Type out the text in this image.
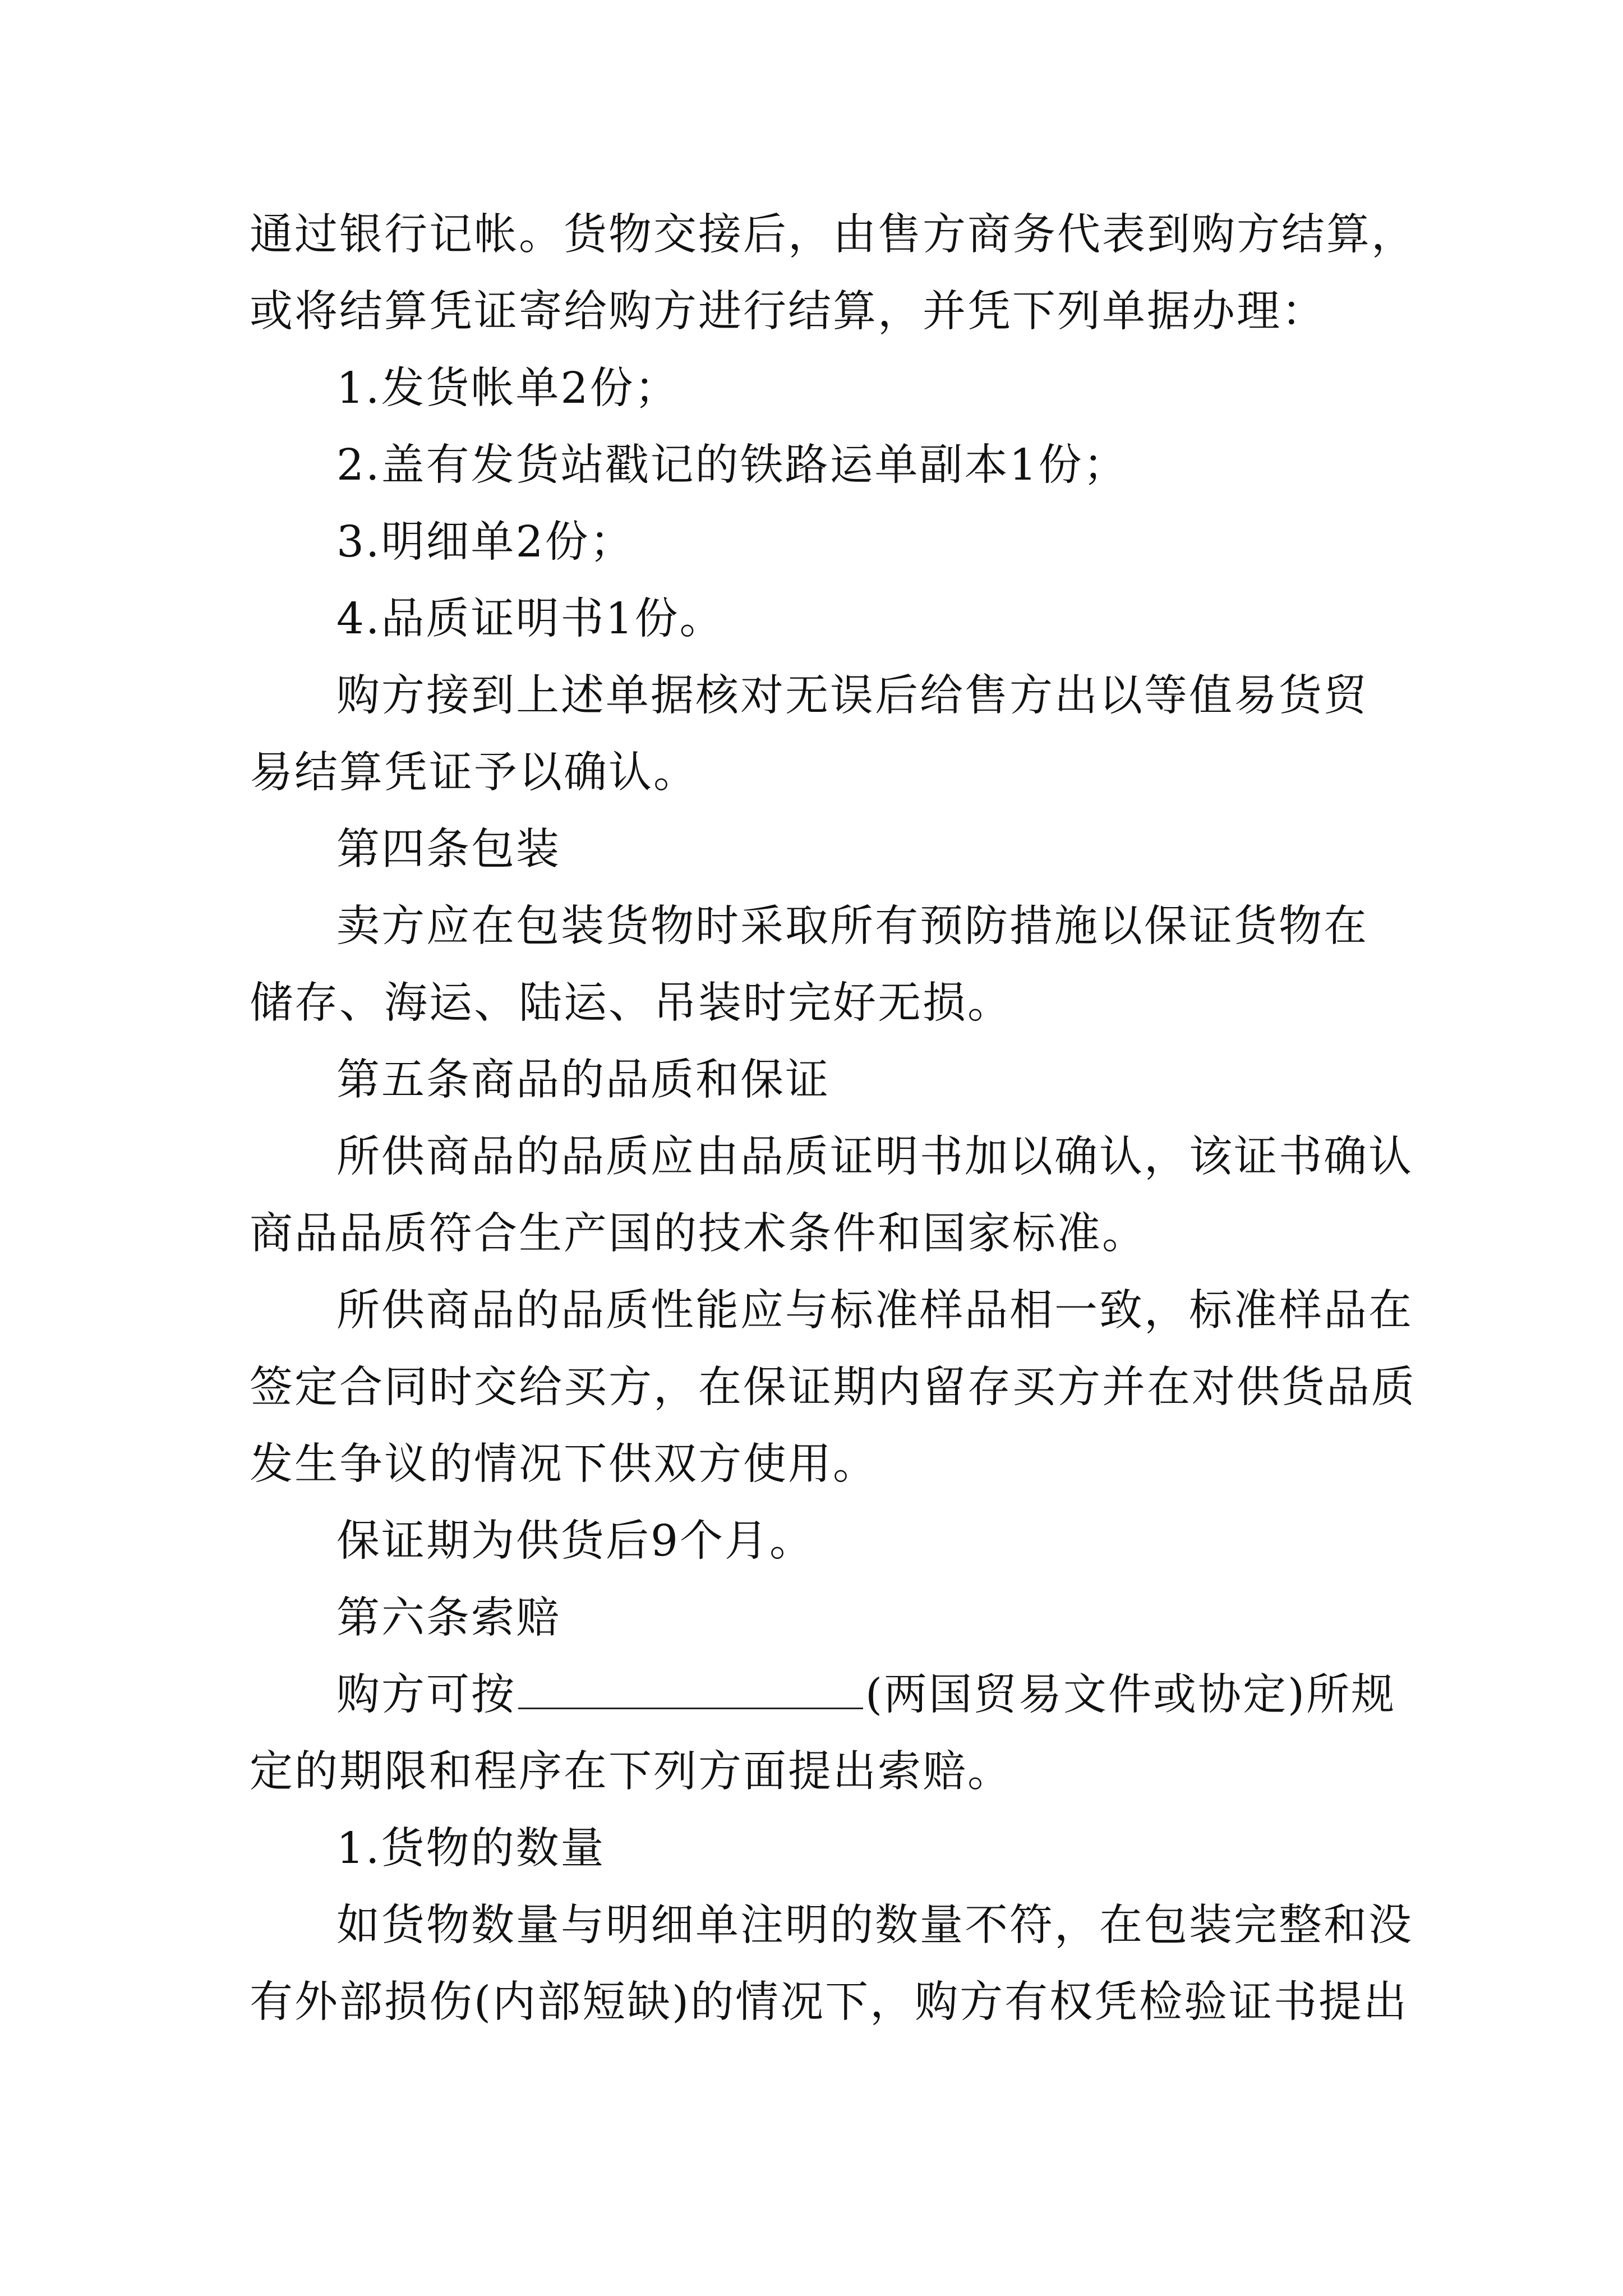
通过银行记帐。货物交接后，由售方商务代表到购方结算，

或将结算凭证寄给购方进行结算，并凭下列单据办理：

1.发货帐单2份；

2.盖有发货站戳记的铁路运单副本1份；

3.明细单2份；

4.品质证明书1份。

购方接到上述单据核对无误后给售方出以等值易货贸

易结算凭证予以确认。

第四条包装

卖方应在包装货物时采取所有预防措施以保证货物在

储存、海运、陆运、吊装时完好无损。

第五条商品的品质和保证

所供商品的品质应由品质证明书加以确认，该证书确认

商品品质符合生产国的技术条件和国家标准。

所供商品的品质性能应与标准样品相一致，标准样品在

签定合同时交给买方，在保证期内留存买方并在对供货品质

发生争议的情况下供双方使用。

保证期为供货后9个月。

第六条索赔

购方可按	(两国贸易文件或协定)所规

定的期限和程序在下列方面提出索赔。

1.货物的数量

如货物数量与明细单注明的数量不符，在包装完整和没

有外部损伤(内部短缺)的情况下，购方有权凭检验证书提出
